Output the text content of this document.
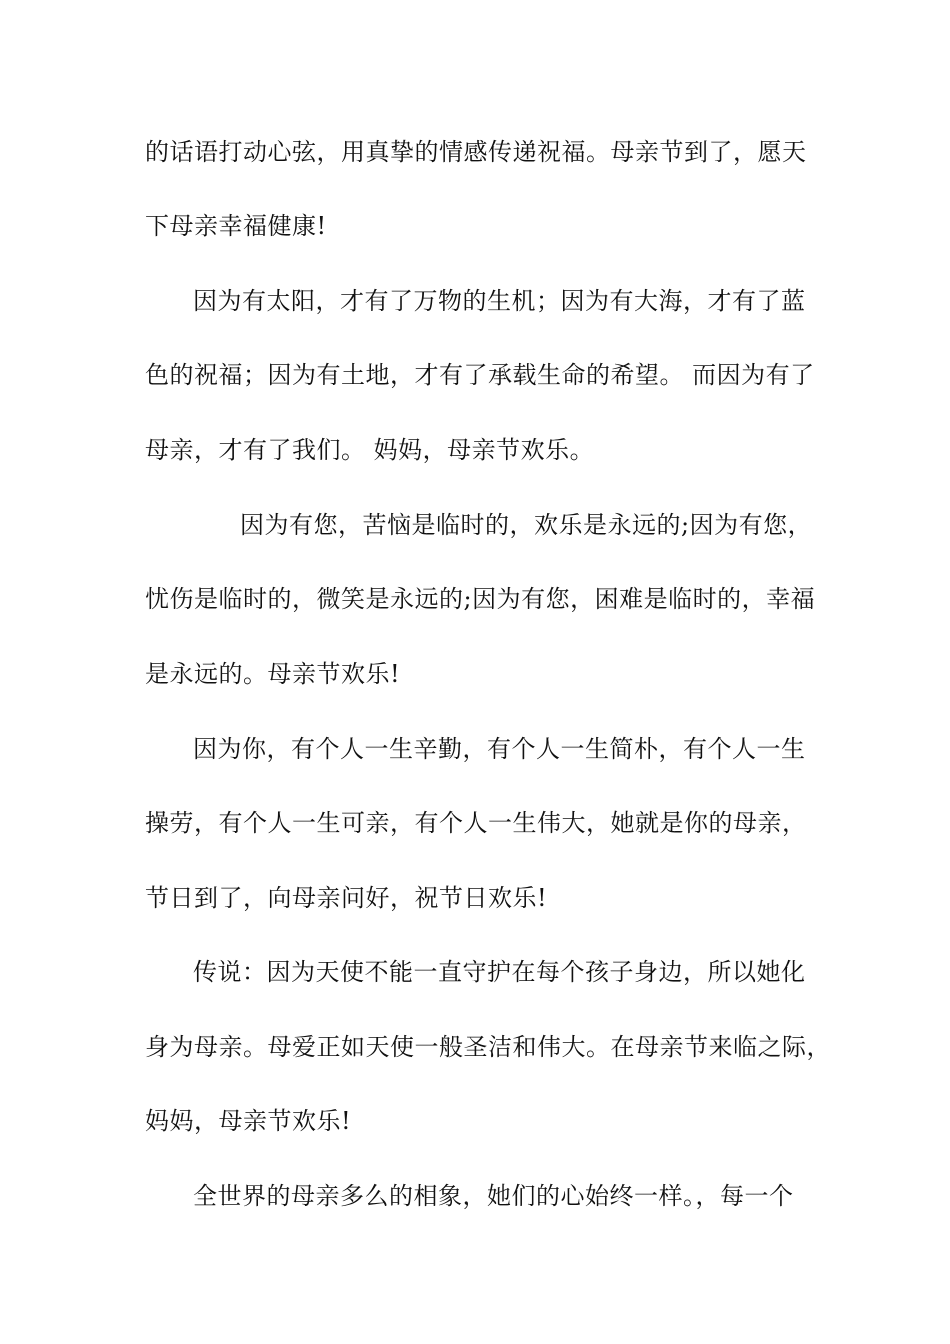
的话语打动心弦，用真挚的情感传递祝福。母亲节到了，愿天
下母亲幸福健康!
因为有太阳，才有了万物的生机；因为有大海，才有了蓝
色的祝福；因为有土地，才有了承载生命的希望。 而因为有了
母亲，才有了我们。 妈妈，母亲节欢乐。
因为有您，苦恼是临时的，欢乐是永远的;因为有您，
忧伤是临时的，微笑是永远的;因为有您，困难是临时的，幸福
是永远的。母亲节欢乐!
因为你，有个人一生辛勤，有个人一生简朴，有个人一生
操劳，有个人一生可亲，有个人一生伟大，她就是你的母亲，
节日到了，向母亲问好，祝节日欢乐!
传说：因为天使不能一直守护在每个孩子身边，所以她化
身为母亲。母爱正如天使一般圣洁和伟大。在母亲节来临之际，
妈妈，母亲节欢乐!
全世界的母亲多么的相象，她们的心始终一样。，每一个
